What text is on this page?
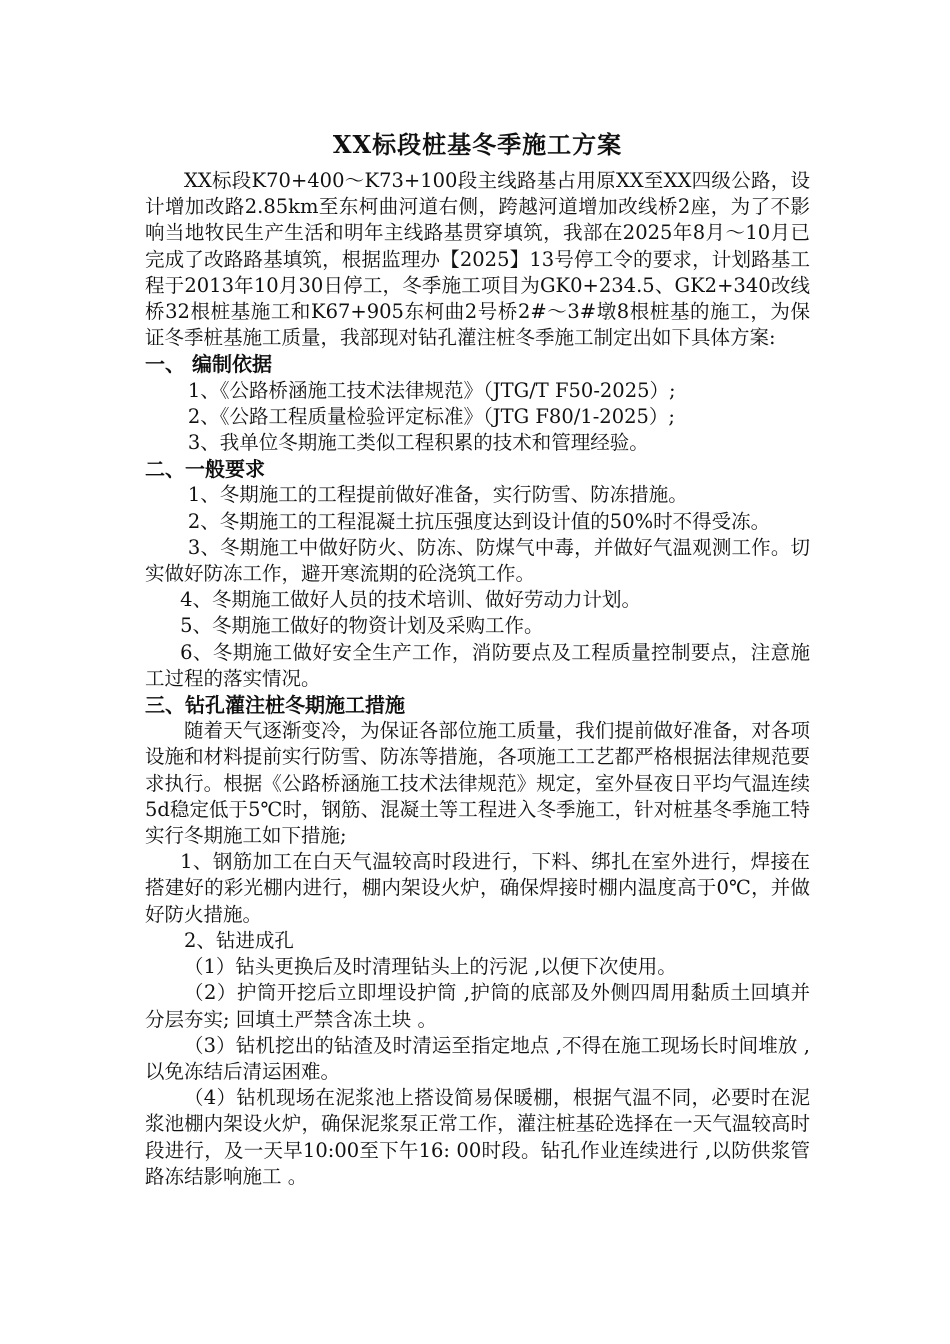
XX标段桩基冬季施工方案

XX标段K70+400～K73+100段主线路基占用原XX至XX四级公路，设计增加改路2.85km至东柯曲河道右侧，跨越河道增加改线桥2座，为了不影响当地牧民生产生活和明年主线路基贯穿填筑，我部在2025年8月～10月已完成了改路路基填筑，根据监理办【2025】13号停工令的要求，计划路基工程于2013年10月30日停工，冬季施工项目为GK0+234.5、GK2+340改线桥32根桩基施工和K67+905东柯曲2号桥2#～3#墩8根桩基的施工，为保证冬季桩基施工质量，我部现对钻孔灌注桩冬季施工制定出如下具体方案:

一、 编制依据

1、《公路桥涵施工技术法律规范》（JTG/T F50-2025）;

2、《公路工程质量检验评定标准》（JTG F80/1-2025）;

3、我单位冬期施工类似工程积累的技术和管理经验。

二、一般要求

1、冬期施工的工程提前做好准备，实行防雪、防冻措施。

2、冬期施工的工程混凝土抗压强度达到设计值的50%时不得受冻。

3、冬期施工中做好防火、防冻、防煤气中毒，并做好气温观测工作。切实做好防冻工作，避开寒流期的砼浇筑工作。

4、冬期施工做好人员的技术培训、做好劳动力计划。

5、冬期施工做好的物资计划及采购工作。

6、冬期施工做好安全生产工作，消防要点及工程质量控制要点，注意施工过程的落实情况。

三、钻孔灌注桩冬期施工措施

随着天气逐渐变冷，为保证各部位施工质量，我们提前做好准备，对各项设施和材料提前实行防雪、防冻等措施，各项施工工艺都严格根据法律规范要求执行。根据《公路桥涵施工技术法律规范》规定，室外昼夜日平均气温连续5d稳定低于5℃时，钢筋、混凝土等工程进入冬季施工，针对桩基冬季施工特实行冬期施工如下措施;

1、钢筋加工在白天气温较高时段进行，下料、绑扎在室外进行，焊接在搭建好的彩光棚内进行，棚内架设火炉，确保焊接时棚内温度高于0℃，并做好防火措施。

2、钻进成孔

（1）钻头更换后及时清理钻头上的污泥 ,以便下次使用。

（2）护筒开挖后立即埋设护筒 ,护筒的底部及外侧四周用黏质土回填并分层夯实; 回填土严禁含冻土块 。

（3）钻机挖出的钻渣及时清运至指定地点 ,不得在施工现场长时间堆放 ,以免冻结后清运困难。

（4）钻机现场在泥浆池上搭设简易保暖棚，根据气温不同，必要时在泥浆池棚内架设火炉，确保泥浆泵正常工作，灌注桩基砼选择在一天气温较高时段进行，及一天早10:00至下午16: 00时段。钻孔作业连续进行 ,以防供浆管路冻结影响施工 。
